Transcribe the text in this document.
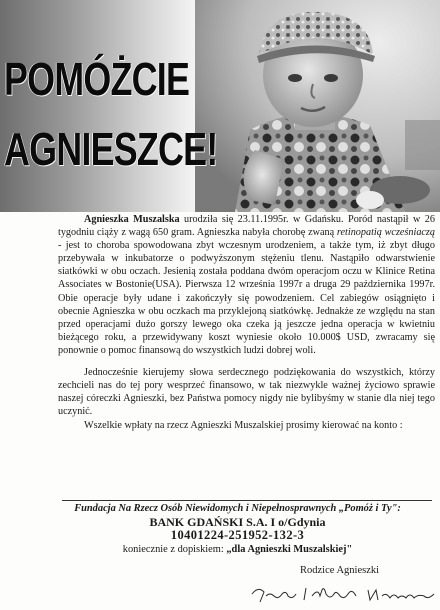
POMÓŻCIE
AGNIESZCE!

Agnieszka Muszalska urodziła się 23.11.1995r. w Gdańsku. Poród nastąpił w 26 tygodniu ciąży z wagą 650 gram. Agnieszka nabyła chorobę zwaną retinopatią wcześniaczą - jest to choroba spowodowana zbyt wczesnym urodzeniem, a także tym, iż zbyt długo przebywała w inkubatorze o podwyższonym stężeniu tlenu. Nastąpiło odwarstwienie siatkówki w obu oczach. Jesienią została poddana dwóm operacjom oczu w Klinice Retina Associates w Bostonie(USA). Pierwsza 12 września 1997r a druga 29 października 1997r. Obie operacje były udane i zakończyły się powodzeniem. Cel zabiegów osiągnięto i obecnie Agnieszka w obu oczkach ma przyklejoną siatkówkę. Jednakże ze względu na stan przed operacjami dużo gorszy lewego oka czeka ją jeszcze jedna operacja w kwietniu bieżącego roku, a przewidywany koszt wyniesie około 10.000$ USD, zwracamy się ponownie o pomoc finansową do wszystkich ludzi dobrej woli.

Jednocześnie kierujemy słowa serdecznego podziękowania do wszystkich, którzy zechcieli nas do tej pory wesprzeć finansowo, w tak niezwykle ważnej życiowo sprawie naszej córeczki Agnieszki, bez Państwa pomocy nigdy nie bylibyśmy w stanie dla niej tego uczynić.

Wszelkie wpłaty na rzecz Agnieszki Muszalskiej prosimy kierować na konto :

Fundacja Na Rzecz Osób Niewidomych i Niepełnosprawnych „Pomóż i Ty":
BANK GDAŃSKI S.A. I o/Gdynia
10401224-251952-132-3
koniecznie z dopiskiem: „dla Agnieszki Muszalskiej"
Rodzice Agnieszki
